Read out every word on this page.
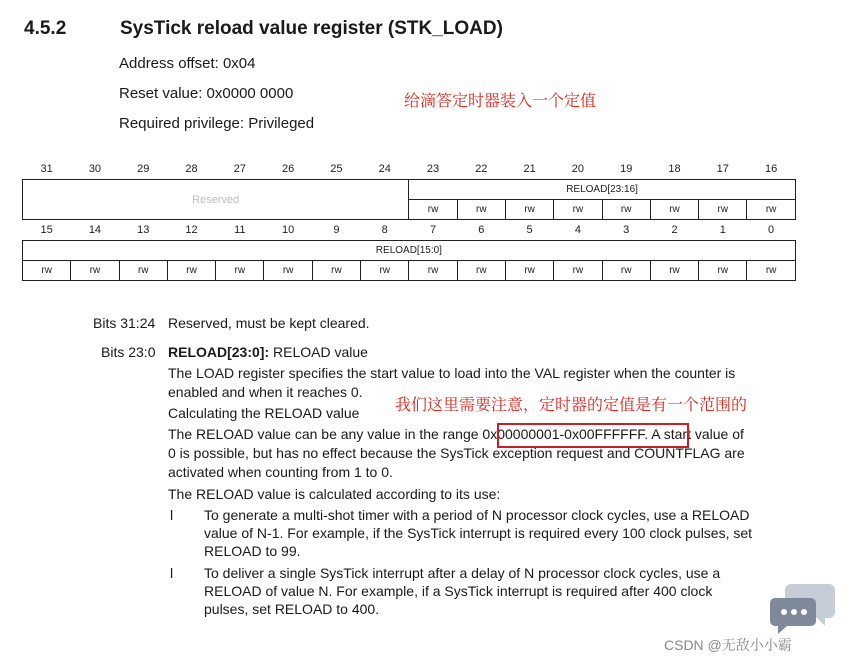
4.5.2	SysTick reload value register (STK_LOAD)
Address offset: 0x04
Reset value: 0x0000 0000
Required privilege: Privileged
给滴答定时器装入一个定值
31	30	29	28	27	26	25	24	23	22	21	20	19	18	17	16
Reserved								RELOAD[23:16]							
								rw	rw	rw	rw	rw	rw	rw	rw
15	14	13	12	11	10	9	8	7	6	5	4	3	2	1	0
RELOAD[15:0]															
rw	rw	rw	rw	rw	rw	rw	rw	rw	rw	rw	rw	rw	rw	rw	rw
Bits 31:24 Reserved, must be kept cleared.
Bits 23:0 RELOAD[23:0]: RELOAD value
The LOAD register specifies the start value to load into the VAL register when the counter is
enabled and when it reaches 0.
Calculating the RELOAD value 我们这里需要注意，定时器的定值是有一个范围的
The RELOAD value can be any value in the range 0x00000001-0x00FFFFFF. A start value of
0 is possible, but has no effect because the SysTick exception request and COUNTFLAG are
activated when counting from 1 to 0.
The RELOAD value is calculated according to its use:
l To generate a multi-shot timer with a period of N processor clock cycles, use a RELOAD
value of N-1. For example, if the SysTick interrupt is required every 100 clock pulses, set
RELOAD to 99.
l To deliver a single SysTick interrupt after a delay of N processor clock cycles, use a
RELOAD of value N. For example, if a SysTick interrupt is required after 400 clock
pulses, set RELOAD to 400.
CSDN @无敌小小霸
